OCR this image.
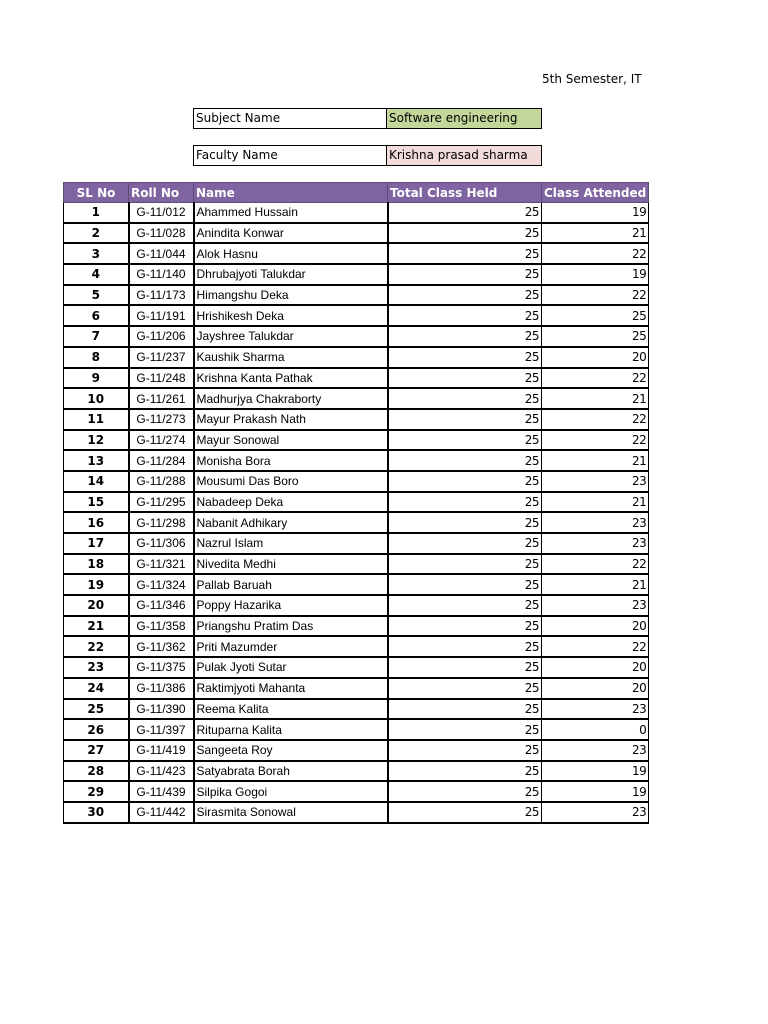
5th Semester, IT
Subject Name	Software engineering
Faculty Name	Krishna prasad sharma
SL No	Roll No	Name	Total Class Held	Class Attended
1	G-11/012	Ahammed Hussain	25	19
2	G-11/028	Anindita Konwar	25	21
3	G-11/044	Alok Hasnu	25	22
4	G-11/140	Dhrubajyoti Talukdar	25	19
5	G-11/173	Himangshu Deka	25	22
6	G-11/191	Hrishikesh Deka	25	25
7	G-11/206	Jayshree Talukdar	25	25
8	G-11/237	Kaushik Sharma	25	20
9	G-11/248	Krishna Kanta Pathak	25	22
10	G-11/261	Madhurjya Chakraborty	25	21
11	G-11/273	Mayur Prakash Nath	25	22
12	G-11/274	Mayur Sonowal	25	22
13	G-11/284	Monisha Bora	25	21
14	G-11/288	Mousumi Das Boro	25	23
15	G-11/295	Nabadeep Deka	25	21
16	G-11/298	Nabanit Adhikary	25	23
17	G-11/306	Nazrul Islam	25	23
18	G-11/321	Nivedita Medhi	25	22
19	G-11/324	Pallab Baruah	25	21
20	G-11/346	Poppy Hazarika	25	23
21	G-11/358	Priangshu Pratim Das	25	20
22	G-11/362	Priti Mazumder	25	22
23	G-11/375	Pulak Jyoti Sutar	25	20
24	G-11/386	Raktimjyoti Mahanta	25	20
25	G-11/390	Reema Kalita	25	23
26	G-11/397	Rituparna Kalita	25	0
27	G-11/419	Sangeeta Roy	25	23
28	G-11/423	Satyabrata Borah	25	19
29	G-11/439	Silpika Gogoi	25	19
30	G-11/442	Sirasmita Sonowal	25	23
